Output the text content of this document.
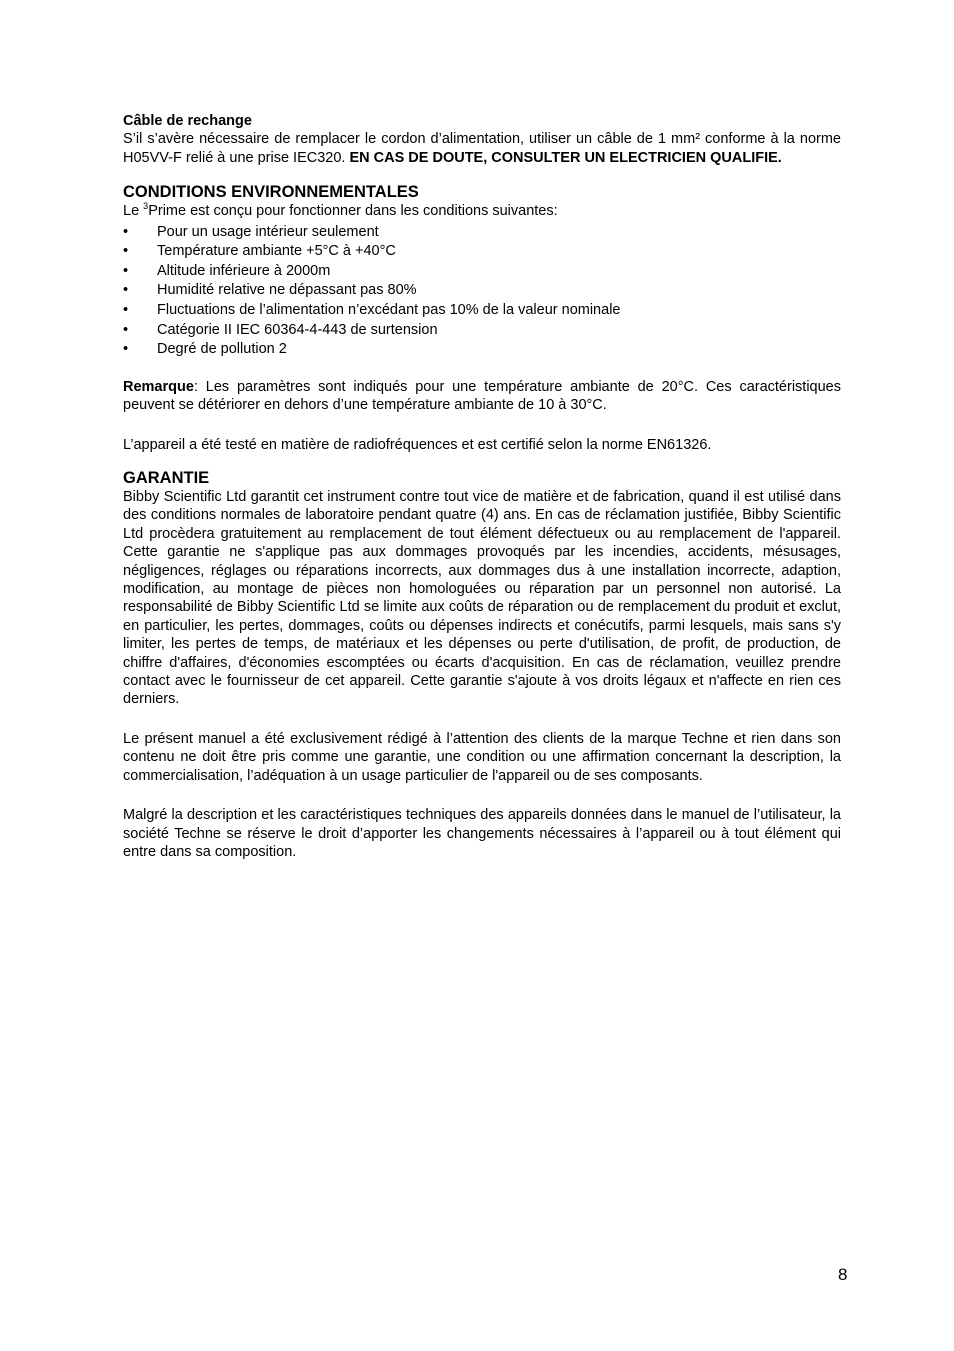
Câble de rechange

S’il s’avère nécessaire de remplacer le cordon d’alimentation, utiliser un câble de 1 mm² conforme à la norme H05VV-F relié à une prise IEC320. EN CAS DE DOUTE, CONSULTER UN ELECTRICIEN QUALIFIE.

CONDITIONS ENVIRONNEMENTALES

Le $^3$Prime est conçu pour fonctionner dans les conditions suivantes:

• Pour un usage intérieur seulement
• Température ambiante +5°C à +40°C
• Altitude inférieure à 2000m
• Humidité relative ne dépassant pas 80%
• Fluctuations de l’alimentation n’excédant pas 10% de la valeur nominale
• Catégorie II IEC 60364-4-443 de surtension
• Degré de pollution 2

Remarque: Les paramètres sont indiqués pour une température ambiante de 20°C. Ces caractéristiques peuvent se détériorer en dehors d’une température ambiante de 10 à 30°C.

L’appareil a été testé en matière de radiofréquences et est certifié selon la norme EN61326.

GARANTIE

Bibby Scientific Ltd garantit cet instrument contre tout vice de matière et de fabrication, quand il est utilisé dans des conditions normales de laboratoire pendant quatre (4) ans. En cas de réclamation justifiée, Bibby Scientific Ltd procèdera gratuitement au remplacement de tout élément défectueux ou au remplacement de l'appareil. Cette garantie ne s'applique pas aux dommages provoqués par les incendies, accidents, mésusages, négligences, réglages ou réparations incorrects, aux dommages dus à une installation incorrecte, adaption, modification, au montage de pièces non homologuées ou réparation par un personnel non autorisé. La responsabilité de Bibby Scientific Ltd se limite aux coûts de réparation ou de remplacement du produit et exclut, en particulier, les pertes, dommages, coûts ou dépenses indirects et conécutifs, parmi lesquels, mais sans s'y limiter, les pertes de temps, de matériaux et les dépenses ou perte d'utilisation, de profit, de production, de chiffre d'affaires, d'économies escomptées ou écarts d'acquisition. En cas de réclamation, veuillez prendre contact avec le fournisseur de cet appareil. Cette garantie s'ajoute à vos droits légaux et n'affecte en rien ces derniers.

Le présent manuel a été exclusivement rédigé à l’attention des clients de la marque Techne et rien dans son contenu ne doit être pris comme une garantie, une condition ou une affirmation concernant la description, la commercialisation, l’adéquation à un usage particulier de l'appareil ou de ses composants.

Malgré la description et les caractéristiques techniques des appareils données dans le manuel de l’utilisateur, la société Techne se réserve le droit d’apporter les changements nécessaires à l’appareil ou à tout élément qui entre dans sa composition.

8
